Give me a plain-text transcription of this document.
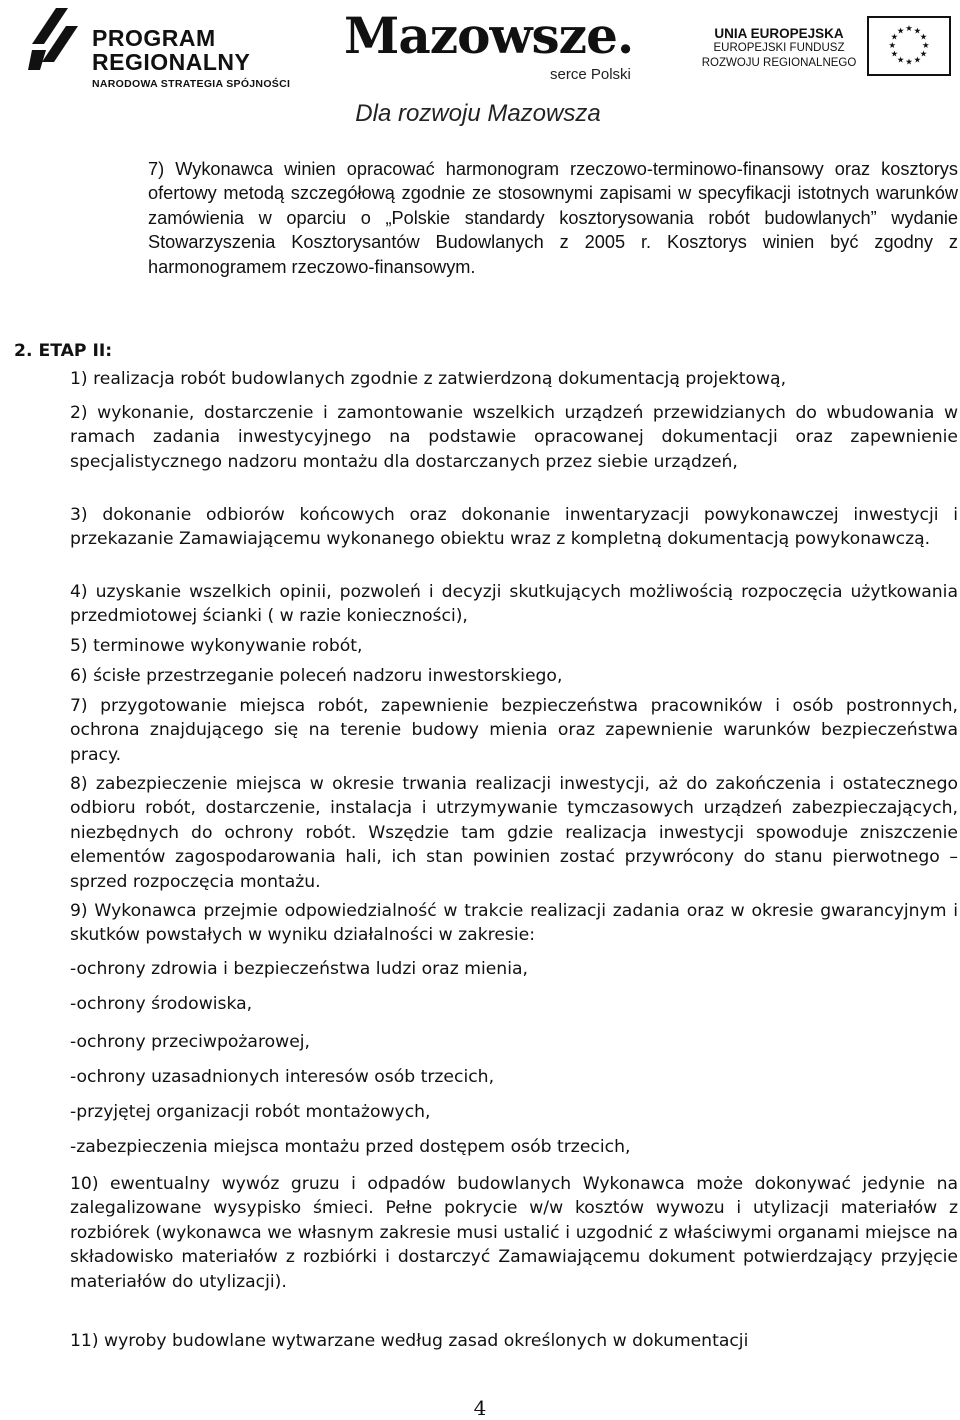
PROGRAM
REGIONALNY
NARODOWA STRATEGIA SPÓJNOŚCI
Mazowsze.
serce Polski
UNIA EUROPEJSKA
EUROPEJSKI FUNDUSZ
ROZWOJU REGIONALNEGO
★ ★
★
★
★
★
★
★
★
★
★
★
Dla rozwoju Mazowsza

7) Wykonawca winien opracować harmonogram rzeczowo-terminowo-finansowy oraz kosztorys ofertowy metodą szczegółową zgodnie ze stosownymi zapisami w specyfikacji istotnych warunków zamówienia w oparciu o „Polskie standardy kosztorysowania robót budowlanych” wydanie Stowarzyszenia Kosztorysantów Budowlanych z 2005 r. Kosztorys winien być zgodny z harmonogramem rzeczowo-finansowym.

2. ETAP II:

1) realizacja robót budowlanych zgodnie z zatwierdzoną dokumentacją projektową,

2) wykonanie, dostarczenie i zamontowanie wszelkich urządzeń przewidzianych do wbudowania w ramach zadania inwestycyjnego na podstawie opracowanej dokumentacji oraz zapewnienie specjalistycznego nadzoru montażu dla dostarczanych przez siebie urządzeń,

3) dokonanie odbiorów końcowych oraz dokonanie inwentaryzacji powykonawczej inwestycji i przekazanie Zamawiającemu wykonanego obiektu wraz z kompletną dokumentacją powykonawczą.

4) uzyskanie wszelkich opinii, pozwoleń i decyzji skutkujących możliwością rozpoczęcia użytkowania przedmiotowej ścianki ( w razie konieczności),

5) terminowe wykonywanie robót,

6) ścisłe przestrzeganie poleceń nadzoru inwestorskiego,

7) przygotowanie miejsca robót, zapewnienie bezpieczeństwa pracowników i osób postronnych, ochrona znajdującego się na terenie budowy mienia oraz zapewnienie warunków bezpieczeństwa pracy.

8) zabezpieczenie miejsca w okresie trwania realizacji inwestycji, aż do zakończenia i ostatecznego odbioru robót, dostarczenie, instalacja i utrzymywanie tymczasowych urządzeń zabezpieczających, niezbędnych do ochrony robót. Wszędzie tam gdzie realizacja inwestycji spowoduje zniszczenie elementów zagospodarowania hali, ich stan powinien zostać przywrócony do stanu pierwotnego – sprzed rozpoczęcia montażu.

9) Wykonawca przejmie odpowiedzialność w trakcie realizacji zadania oraz w okresie gwarancyjnym i skutków powstałych w wyniku działalności w zakresie:

-ochrony zdrowia i bezpieczeństwa ludzi oraz mienia,

-ochrony środowiska,

-ochrony przeciwpożarowej,

-ochrony uzasadnionych interesów osób trzecich,

-przyjętej organizacji robót montażowych,

-zabezpieczenia miejsca montażu przed dostępem osób trzecich,

10) ewentualny wywóz gruzu i odpadów budowlanych Wykonawca może dokonywać jedynie na zalegalizowane wysypisko śmieci. Pełne pokrycie w/w kosztów wywozu i utylizacji materiałów z rozbiórek (wykonawca we własnym zakresie musi ustalić i uzgodnić z właściwymi organami miejsce na składowisko materiałów z rozbiórki i dostarczyć Zamawiającemu dokument potwierdzający przyjęcie materiałów do utylizacji).

11) wyroby budowlane wytwarzane według zasad określonych w dokumentacji

4
